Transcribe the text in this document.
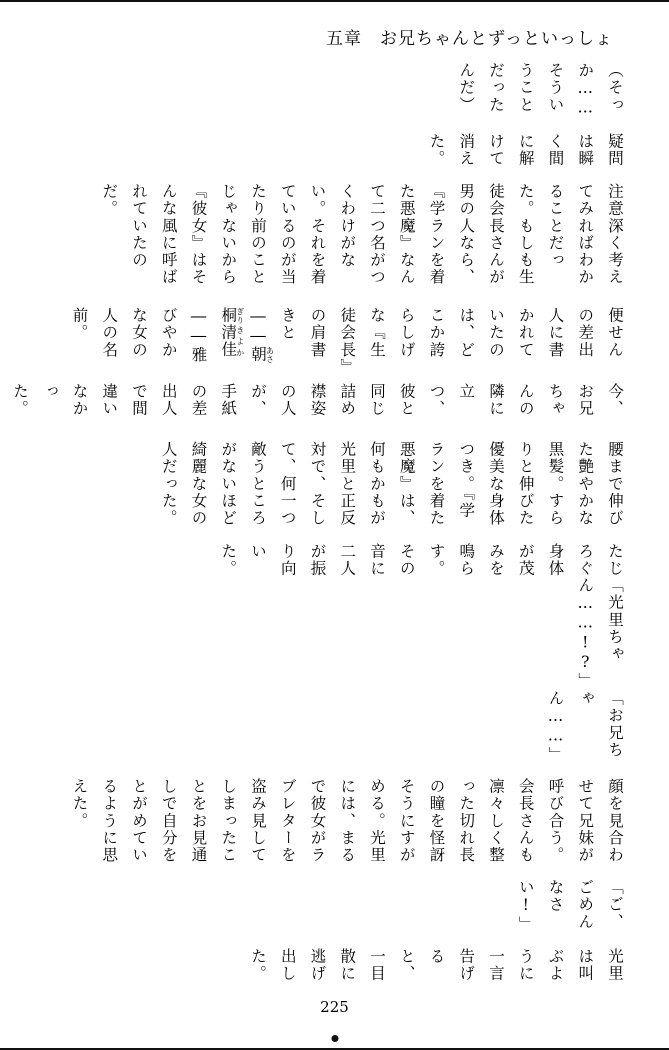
五章 お兄ちゃんとずっといっしょ

（そっか……そういうことだったんだ）

疑問は瞬く間に解けて消えた。

注意深く考えてみればわかることだった。もしも生徒会長さんが男の人なら、『学ランを着た悪魔』なんて二つ名がつくわけがない。それを着ているのが当たり前のことじゃないから『彼女』はそんな風に呼ばれていたのだ。

便せんの差出人に書かれていたのは、どこか誇らしげな『生徒会長』の肩書きと――朝あさ桐ぎり清佳きよか――雅びやかな女の人の名前。

今、お兄ちゃんの隣に立つ、彼と同じ詰め襟姿の人が、手紙の差出人で間違いなかった。

腰まで伸びた艶やかな黒髪。すらりと伸びた優美な身体つき。『学ランを着た悪魔』は、何もかもが光里と正反対で、そして、何一つ敵うところがないほど綺麗な女の人だった。

たじろぐ身体が茂みを鳴らす。その音に二人が振り向いた。

「光里ちゃん……!?」

「お兄ちゃん……」

顔を見合わせて兄妹が呼び合う。会長さんも凛々しく整った切れ長の瞳を怪訝そうにすがめる。光里には、まるで彼女がラブレターを盗み見してしまったことをお見通しで自分をとがめているように思えた。

「ご、ごめんなさい!」

光里は叫ぶように一言告げると、一目散に逃げ出した。

225
